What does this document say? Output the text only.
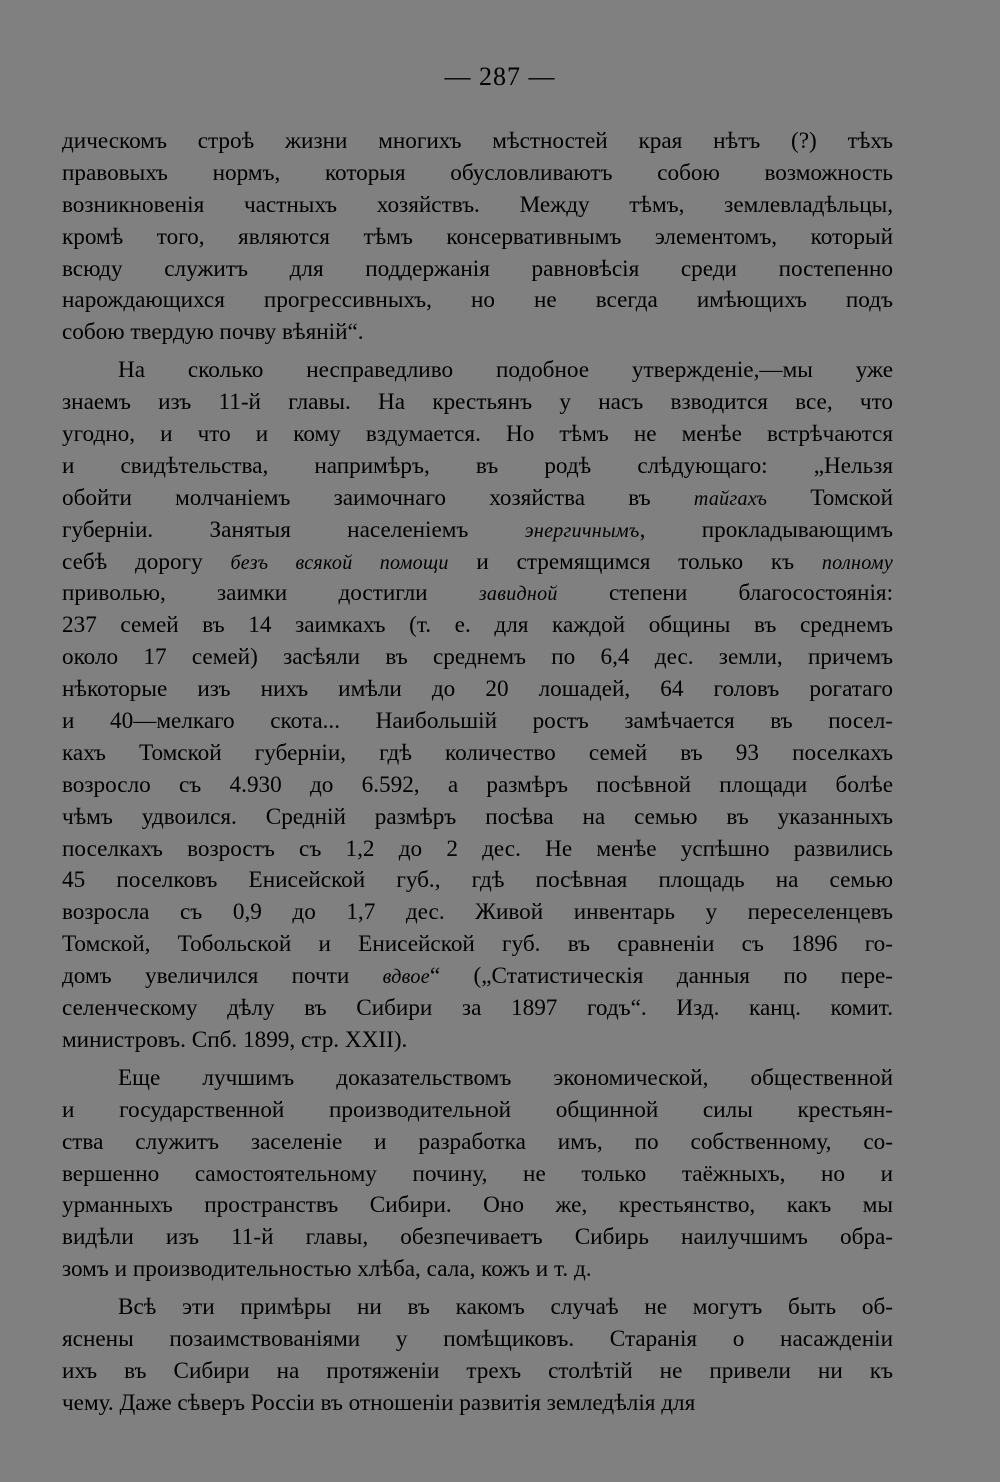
— 287 —
дическомъ строѣ жизни многихъ мѣстностей края нѣтъ (?) тѣхъ
правовыхъ нормъ, которыя обусловливаютъ собою возможность
возникновенія частныхъ хозяйствъ. Между тѣмъ, землевладѣльцы,
кромѣ того, являются тѣмъ консервативнымъ элементомъ, который
всюду служитъ для поддержанія равновѣсія среди постепенно
нарождающихся прогрессивныхъ, но не всегда имѣющихъ подъ
собою твердую почву вѣяній“.
На сколько несправедливо подобное утвержденіе,—мы уже
знаемъ изъ 11-й главы. На крестьянъ у насъ взводится все, что
угодно, и что и кому вздумается. Но тѣмъ не менѣе встрѣчаются
и свидѣтельства, напримѣръ, въ родѣ слѣдующаго: „Нельзя
обойти молчаніемъ заимочнаго хозяйства въ тайгахъ Томской
губерніи. Занятыя населеніемъ энергичнымъ, прокладывающимъ
себѣ дорогу безъ всякой помощи и стремящимся только къ полному
приволью, заимки достигли завидной степени благосостоянія:
237 семей въ 14 заимкахъ (т. е. для каждой общины въ среднемъ
около 17 семей) засѣяли въ среднемъ по 6,4 дес. земли, причемъ
нѣкоторые изъ нихъ имѣли до 20 лошадей, 64 головъ рогатаго
и 40—мелкаго скота... Наибольшій ростъ замѣчается въ посел-
кахъ Томской губерніи, гдѣ количество семей въ 93 поселкахъ
возросло съ 4.930 до 6.592, а размѣръ посѣвной площади болѣе
чѣмъ удвоился. Средній размѣръ посѣва на семью въ указанныхъ
поселкахъ возростъ съ 1,2 до 2 дес. Не менѣе успѣшно развились
45 поселковъ Енисейской губ., гдѣ посѣвная площадь на семью
возросла съ 0,9 до 1,7 дес. Живой инвентарь у переселенцевъ
Томской, Тобольской и Енисейской губ. въ сравненіи съ 1896 го-
домъ увеличился почти вдвое“ („Статистическія данныя по пере-
селенческому дѣлу въ Сибири за 1897 годъ“. Изд. канц. комит.
министровъ. Спб. 1899, стр. XXII).
Еще лучшимъ доказательствомъ экономической, общественной
и государственной производительной общинной силы крестьян-
ства служитъ заселеніе и разработка имъ, по собственному, со-
вершенно самостоятельному почину, не только таёжныхъ, но и
урманныхъ пространствъ Сибири. Оно же, крестьянство, какъ мы
видѣли изъ 11-й главы, обезпечиваетъ Сибирь наилучшимъ обра-
зомъ и производительностью хлѣба, сала, кожъ и т. д.
Всѣ эти примѣры ни въ какомъ случаѣ не могутъ быть об-
яснены позаимствованіями у помѣщиковъ. Старанія о насажденіи
ихъ въ Сибири на протяженіи трехъ столѣтій не привели ни къ
чему. Даже сѣверъ Россіи въ отношеніи развитія земледѣлія для
